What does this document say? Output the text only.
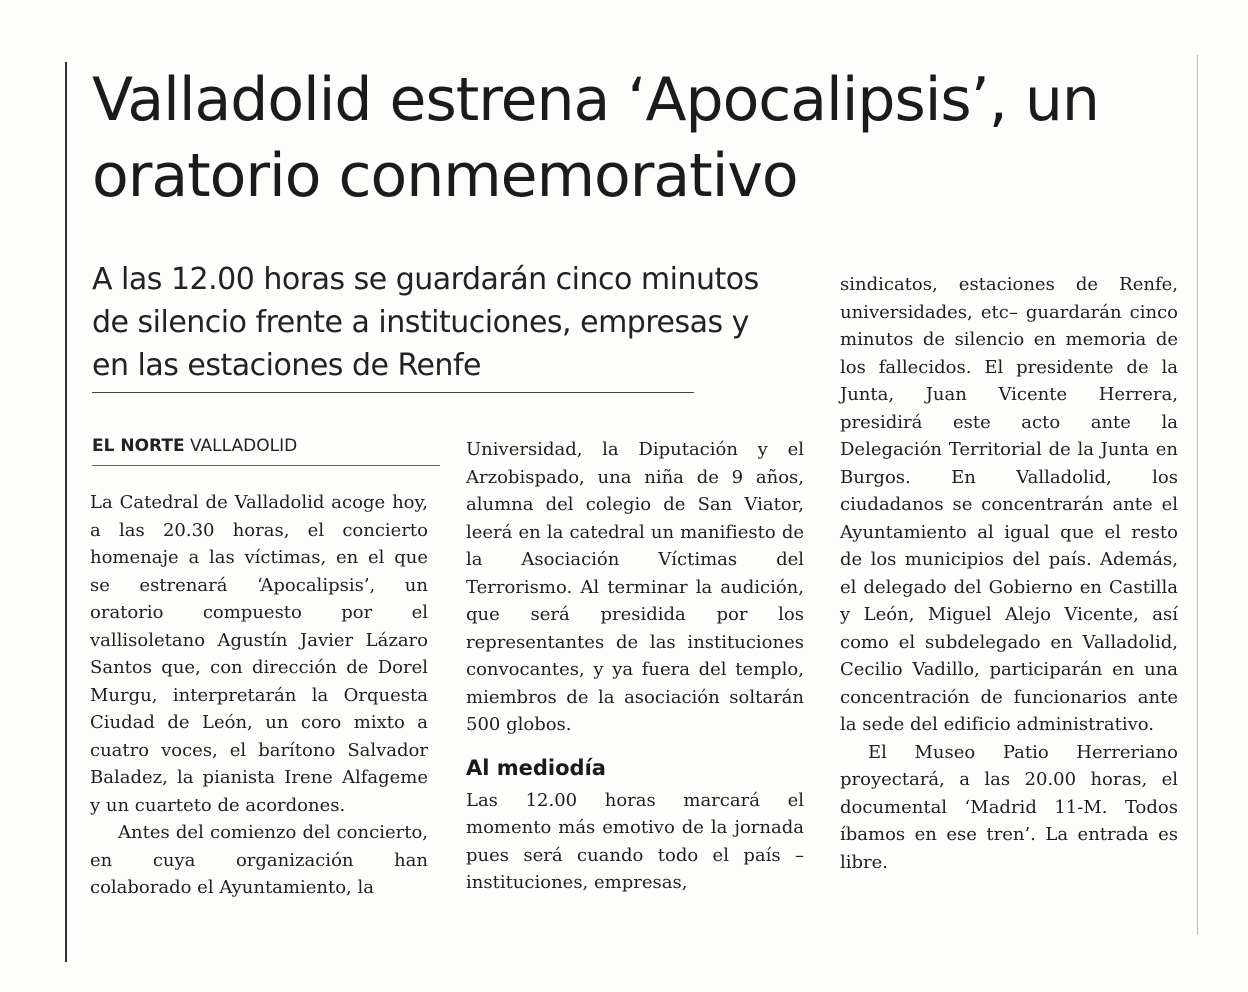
Valladolid estrena ‘Apocalipsis’, un oratorio conmemorativo
A las 12.00 horas se guardarán cinco minutos de silencio frente a instituciones, empresas y en las estaciones de Renfe
EL NORTE VALLADOLID

La Catedral de Valladolid acoge hoy, a las 20.30 horas, el concierto homenaje a las víctimas, en el que se estrenará ‘Apocalipsis’, un oratorio compuesto por el vallisoletano Agustín Javier Lázaro Santos que, con dirección de Dorel Murgu, interpretarán la Orquesta Ciudad de León, un coro mixto a cuatro voces, el barítono Salvador Baladez, la pianista Irene Alfageme y un cuarteto de acordones.

Antes del comienzo del concierto, en cuya organización han colaborado el Ayuntamiento, la

Universidad, la Diputación y el Arzobispado, una niña de 9 años, alumna del colegio de San Viator, leerá en la catedral un manifiesto de la Asociación Víctimas del Terrorismo. Al terminar la audición, que será presidida por los representantes de las instituciones convocantes, y ya fuera del templo, miembros de la asociación soltarán 500 globos.

Al mediodía

Las 12.00 horas marcará el momento más emotivo de la jornada pues será cuando todo el país –instituciones, empresas,

sindicatos, estaciones de Renfe, universidades, etc– guardarán cinco minutos de silencio en memoria de los fallecidos. El presidente de la Junta, Juan Vicente Herrera, presidirá este acto ante la Delegación Territorial de la Junta en Burgos. En Valladolid, los ciudadanos se concentrarán ante el Ayuntamiento al igual que el resto de los municipios del país. Además, el delegado del Gobierno en Castilla y León, Miguel Alejo Vicente, así como el subdelegado en Valladolid, Cecilio Vadillo, participarán en una concentración de funcionarios ante la sede del edificio administrativo.

El Museo Patio Herreriano proyectará, a las 20.00 horas, el documental ‘Madrid 11-M. Todos íbamos en ese tren’. La entrada es libre.
